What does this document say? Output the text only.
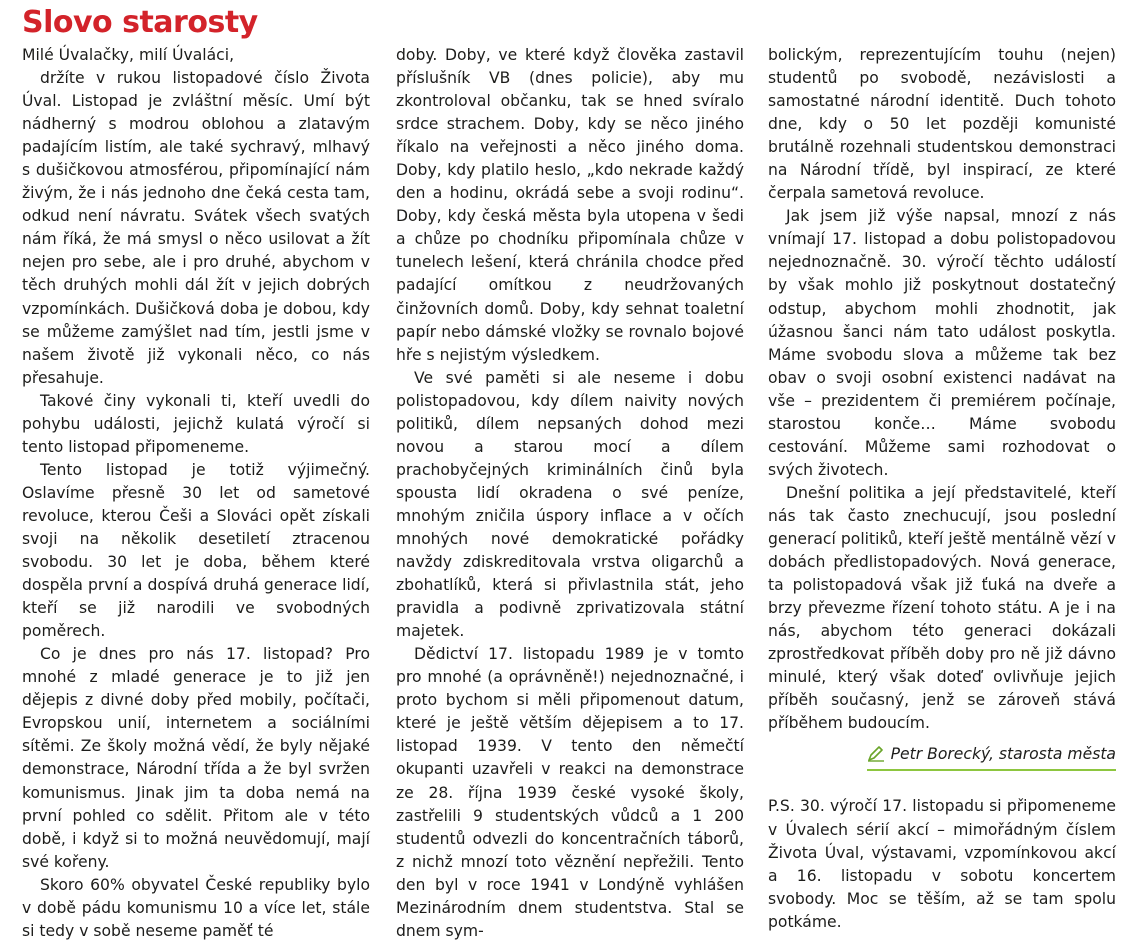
Slovo starosty

Milé Úvalačky, milí Úvaláci,

držíte v rukou listopadové číslo Života Úval. Listopad je zvláštní měsíc. Umí být nádherný s modrou oblohou a zlatavým padajícím listím, ale také sychravý, mlhavý s dušičkovou atmosférou, připomínající nám živým, že i nás jednoho dne čeká cesta tam, odkud není návratu. Svátek všech svatých nám říká, že má smysl o něco usilovat a žít nejen pro sebe, ale i pro druhé, abychom v těch druhých mohli dál žít v jejich dobrých vzpomínkách. Dušičková doba je dobou, kdy se můžeme zamýšlet nad tím, jestli jsme v našem životě již vykonali něco, co nás přesahuje.

Takové činy vykonali ti, kteří uvedli do pohybu události, jejichž kulatá výročí si tento listopad připomeneme.

Tento listopad je totiž výjimečný. Oslavíme přesně 30 let od sametové revoluce, kterou Češi a Slováci opět získali svoji na několik desetiletí ztracenou svobodu. 30 let je doba, během které dospěla první a dospívá druhá generace lidí, kteří se již narodili ve svobodných poměrech.

Co je dnes pro nás 17. listopad? Pro mnohé z mladé generace je to již jen dějepis z divné doby před mobily, počítači, Evropskou unií, internetem a sociálními sítěmi. Ze školy možná vědí, že byly nějaké demonstrace, Národní třída a že byl svržen komunismus. Jinak jim ta doba nemá na první pohled co sdělit. Přitom ale v této době, i když si to možná neuvědomují, mají své kořeny.

Skoro 60% obyvatel České republiky bylo v době pádu komunismu 10 a více let, stále si tedy v sobě neseme paměť té

doby. Doby, ve které když člověka zastavil příslušník VB (dnes policie), aby mu zkontroloval občanku, tak se hned svíralo srdce strachem. Doby, kdy se něco jiného říkalo na veřejnosti a něco jiného doma. Doby, kdy platilo heslo, „kdo nekrade každý den a hodinu, okrádá sebe a svoji rodinu“. Doby, kdy česká města byla utopena v šedi a chůze po chodníku připomínala chůze v tunelech lešení, která chránila chodce před padající omítkou z neudržovaných činžovních domů. Doby, kdy sehnat toaletní papír nebo dámské vložky se rovnalo bojové hře s nejistým výsledkem.

Ve své paměti si ale neseme i dobu polistopadovou, kdy dílem naivity nových politiků, dílem nepsaných dohod mezi novou a starou mocí a dílem prachobyčejných kriminálních činů byla spousta lidí okradena o své peníze, mnohým zničila úspory inflace a v očích mnohých nové demokratické pořádky navždy zdiskreditovala vrstva oligarchů a zbohatlíků, která si přivlastnila stát, jeho pravidla a podivně zprivatizovala státní majetek.

Dědictví 17. listopadu 1989 je v tomto pro mnohé (a oprávněně!) nejednoznačné, i proto bychom si měli připomenout datum, které je ještě větším dějepisem a to 17. listopad 1939. V tento den němečtí okupanti uzavřeli v reakci na demonstrace ze 28. října 1939 české vysoké školy, zastřelili 9 studentských vůdců a 1 200 studentů odvezli do koncentračních táborů, z nichž mnozí toto věznění nepřežili. Tento den byl v roce 1941 v Londýně vyhlášen Mezinárodním dnem studentstva. Stal se dnem sym-

bolickým, reprezentujícím touhu (nejen) studentů po svobodě, nezávislosti a samostatné národní identitě. Duch tohoto dne, kdy o 50 let později komunisté brutálně rozehnali studentskou demonstraci na Národní třídě, byl inspirací, ze které čerpala sametová revoluce.

Jak jsem již výše napsal, mnozí z nás vnímají 17. listopad a dobu polistopadovou nejednoznačně. 30. výročí těchto událostí by však mohlo již poskytnout dostatečný odstup, abychom mohli zhodnotit, jak úžasnou šanci nám tato událost poskytla. Máme svobodu slova a můžeme tak bez obav o svoji osobní existenci nadávat na vše – prezidentem či premiérem počínaje, starostou konče… Máme svobodu cestování. Můžeme sami rozhodovat o svých životech.

Dnešní politika a její představitelé, kteří nás tak často znechucují, jsou poslední generací politiků, kteří ještě mentálně vězí v dobách předlistopadových. Nová generace, ta polistopadová však již ťuká na dveře a brzy převezme řízení tohoto státu. A je i na nás, abychom této generaci dokázali zprostředkovat příběh doby pro ně již dávno minulé, který však doteď ovlivňuje jejich příběh současný, jenž se zároveň stává příběhem budoucím.

Petr Borecký, starosta města

P.S. 30. výročí 17. listopadu si připomeneme v Úvalech sérií akcí – mimořádným číslem Života Úval, výstavami, vzpomínkovou akcí a 16. listopadu v sobotu koncertem svobody. Moc se těším, až se tam spolu potkáme.
